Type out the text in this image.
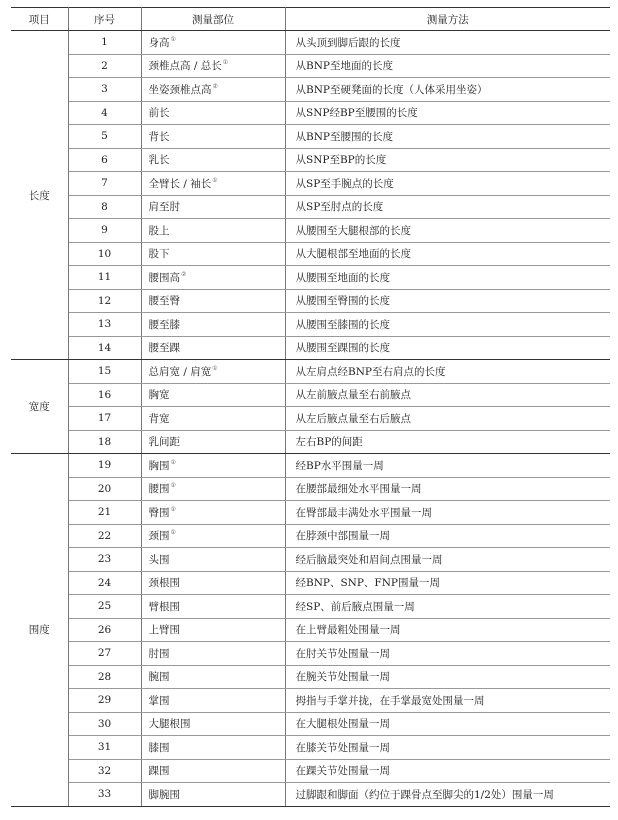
项目	序号	测量部位	测量方法
长度	1	身高①	从头顶到脚后跟的长度
	2	颈椎点高 / 总长①	从BNP至地面的长度
	3	坐姿颈椎点高②	从BNP至硬凳面的长度（人体采用坐姿）
	4	前长	从SNP经BP至腰围的长度
	5	背长	从BNP至腰围的长度
	6	乳长	从SNP至BP的长度
	7	全臂长 / 袖长①	从SP至手腕点的长度
	8	肩至肘	从SP至肘点的长度
	9	股上	从腰围至大腿根部的长度
	10	股下	从大腿根部至地面的长度
	11	腰围高②	从腰围至地面的长度
	12	腰至臀	从腰围至臀围的长度
	13	腰至膝	从腰围至膝围的长度
	14	腰至踝	从腰围至踝围的长度
宽度	15	总肩宽 / 肩宽①	从左肩点经BNP至右肩点的长度
	16	胸宽	从左前腋点量至右前腋点
	17	背宽	从左后腋点量至右后腋点
	18	乳间距	左右BP的间距
围度	19	胸围①	经BP水平围量一周
	20	腰围①	在腰部最细处水平围量一周
	21	臀围①	在臀部最丰满处水平围量一周
	22	颈围①	在脖颈中部围量一周
	23	头围	经后脑最突处和眉间点围量一周
	24	颈根围	经BNP、SNP、FNP围量一周
	25	臂根围	经SP、前后腋点围量一周
	26	上臂围	在上臂最粗处围量一周
	27	肘围	在肘关节处围量一周
	28	腕围	在腕关节处围量一周
	29	掌围	拇指与手掌并拢，在手掌最宽处围量一周
	30	大腿根围	在大腿根处围量一周
	31	膝围	在膝关节处围量一周
	32	踝围	在踝关节处围量一周
	33	脚腕围	过脚跟和脚面（约位于踝骨点至脚尖的1/2处）围量一周
